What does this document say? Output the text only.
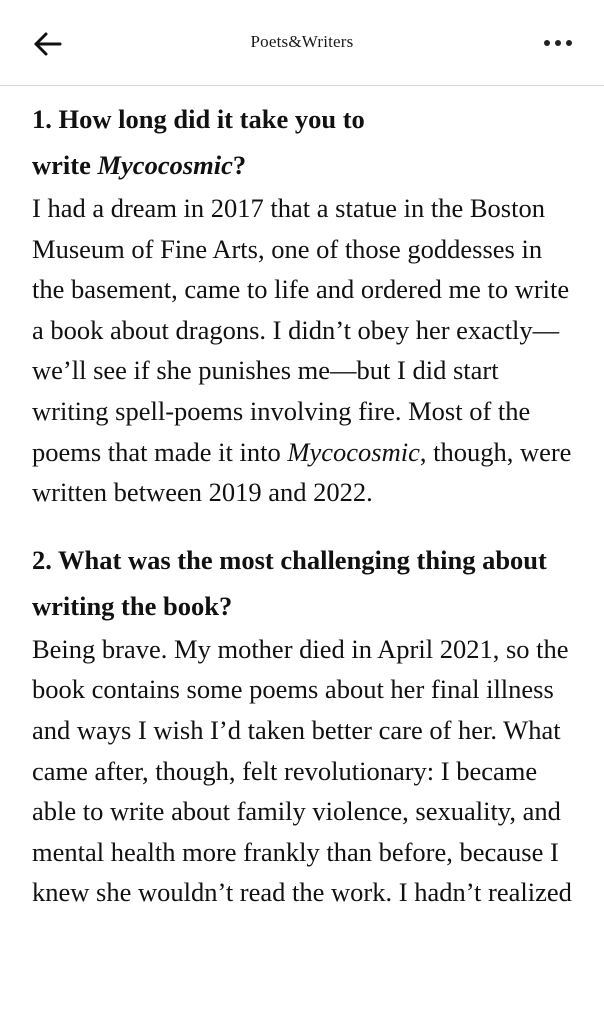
Poets&Writers

1. How long did it take you to
write Mycocosmic?

I had a dream in 2017 that a statue in the Boston Museum of Fine Arts, one of those goddesses in the basement, came to life and ordered me to write a book about dragons. I didn’t obey her exactly—we’ll see if she punishes me—but I did start writing spell-poems involving fire. Most of the poems that made it into Mycocosmic, though, were written between 2019 and 2022.

2. What was the most challenging thing about writing the book?

Being brave. My mother died in April 2021, so the book contains some poems about her final illness and ways I wish I’d taken better care of her. What came after, though, felt revolutionary: I became able to write about family violence, sexuality, and mental health more frankly than before, because I knew she wouldn’t read the work. I hadn’t realized
